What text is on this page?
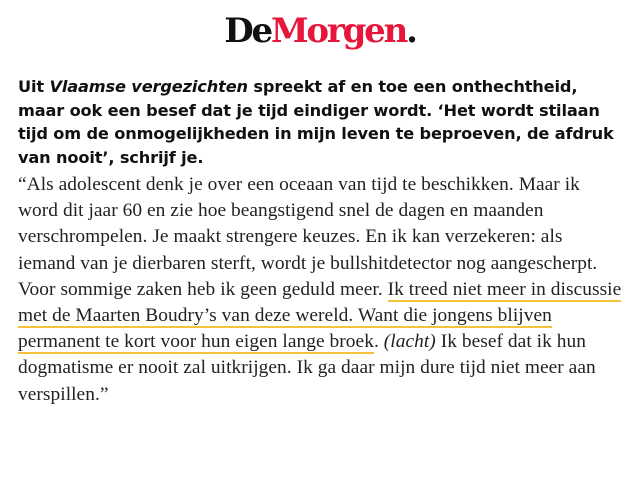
DeMorgen.

Uit Vlaamse vergezichten spreekt af en toe een onthechtheid, maar ook een besef dat je tijd eindiger wordt. ‘Het wordt stilaan tijd om de onmogelijkheden in mijn leven te beproeven, de afdruk van nooit’, schrijf je.

“Als adolescent denk je over een oceaan van tijd te beschikken. Maar ik word dit jaar 60 en zie hoe beangstigend snel de dagen en maanden verschrompelen. Je maakt strengere keuzes. En ik kan verzekeren: als iemand van je dierbaren sterft, wordt je bullshitdetector nog aangescherpt. Voor sommige zaken heb ik geen geduld meer. Ik treed niet meer in discussie met de Maarten Boudry’s van deze wereld. Want die jongens blijven permanent te kort voor hun eigen lange broek. (lacht) Ik besef dat ik hun dogmatisme er nooit zal uitkrijgen. Ik ga daar mijn dure tijd niet meer aan verspillen.”
